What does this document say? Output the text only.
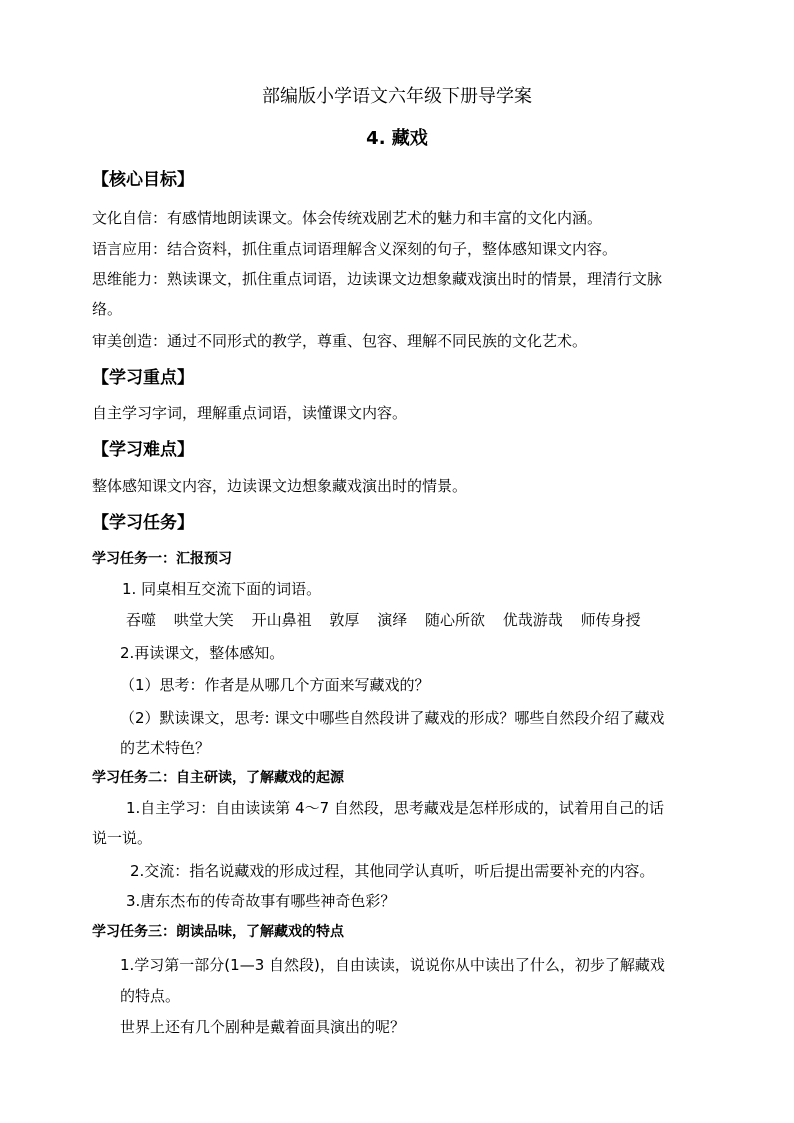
部编版小学语文六年级下册导学案
4. 藏戏
【核心目标】
文化自信：有感情地朗读课文。体会传统戏剧艺术的魅力和丰富的文化内涵。
语言应用：结合资料，抓住重点词语理解含义深刻的句子，整体感知课文内容。
思维能力：熟读课文，抓住重点词语，边读课文边想象藏戏演出时的情景，理清行文脉
络。
审美创造：通过不同形式的教学，尊重、包容、理解不同民族的文化艺术。
【学习重点】
自主学习字词，理解重点词语，读懂课文内容。
【学习难点】
整体感知课文内容，边读课文边想象藏戏演出时的情景。
【学习任务】
学习任务一：汇报预习
1. 同桌相互交流下面的词语。
吞噬 哄堂大笑 开山鼻祖 敦厚 演绎 随心所欲 优哉游哉 师传身授
2.再读课文，整体感知。
（1）思考：作者是从哪几个方面来写藏戏的？
（2）默读课文，思考: 课文中哪些自然段讲了藏戏的形成？哪些自然段介绍了藏戏
的艺术特色？
学习任务二：自主研读，了解藏戏的起源
1.自主学习：自由读读第 4～7 自然段，思考藏戏是怎样形成的，试着用自己的话
说一说。
2.交流：指名说藏戏的形成过程，其他同学认真听，听后提出需要补充的内容。
3.唐东杰布的传奇故事有哪些神奇色彩？
学习任务三：朗读品味，了解藏戏的特点
1.学习第一部分(1—3 自然段)，自由读读，说说你从中读出了什么，初步了解藏戏
的特点。
世界上还有几个剧种是戴着面具演出的呢？
